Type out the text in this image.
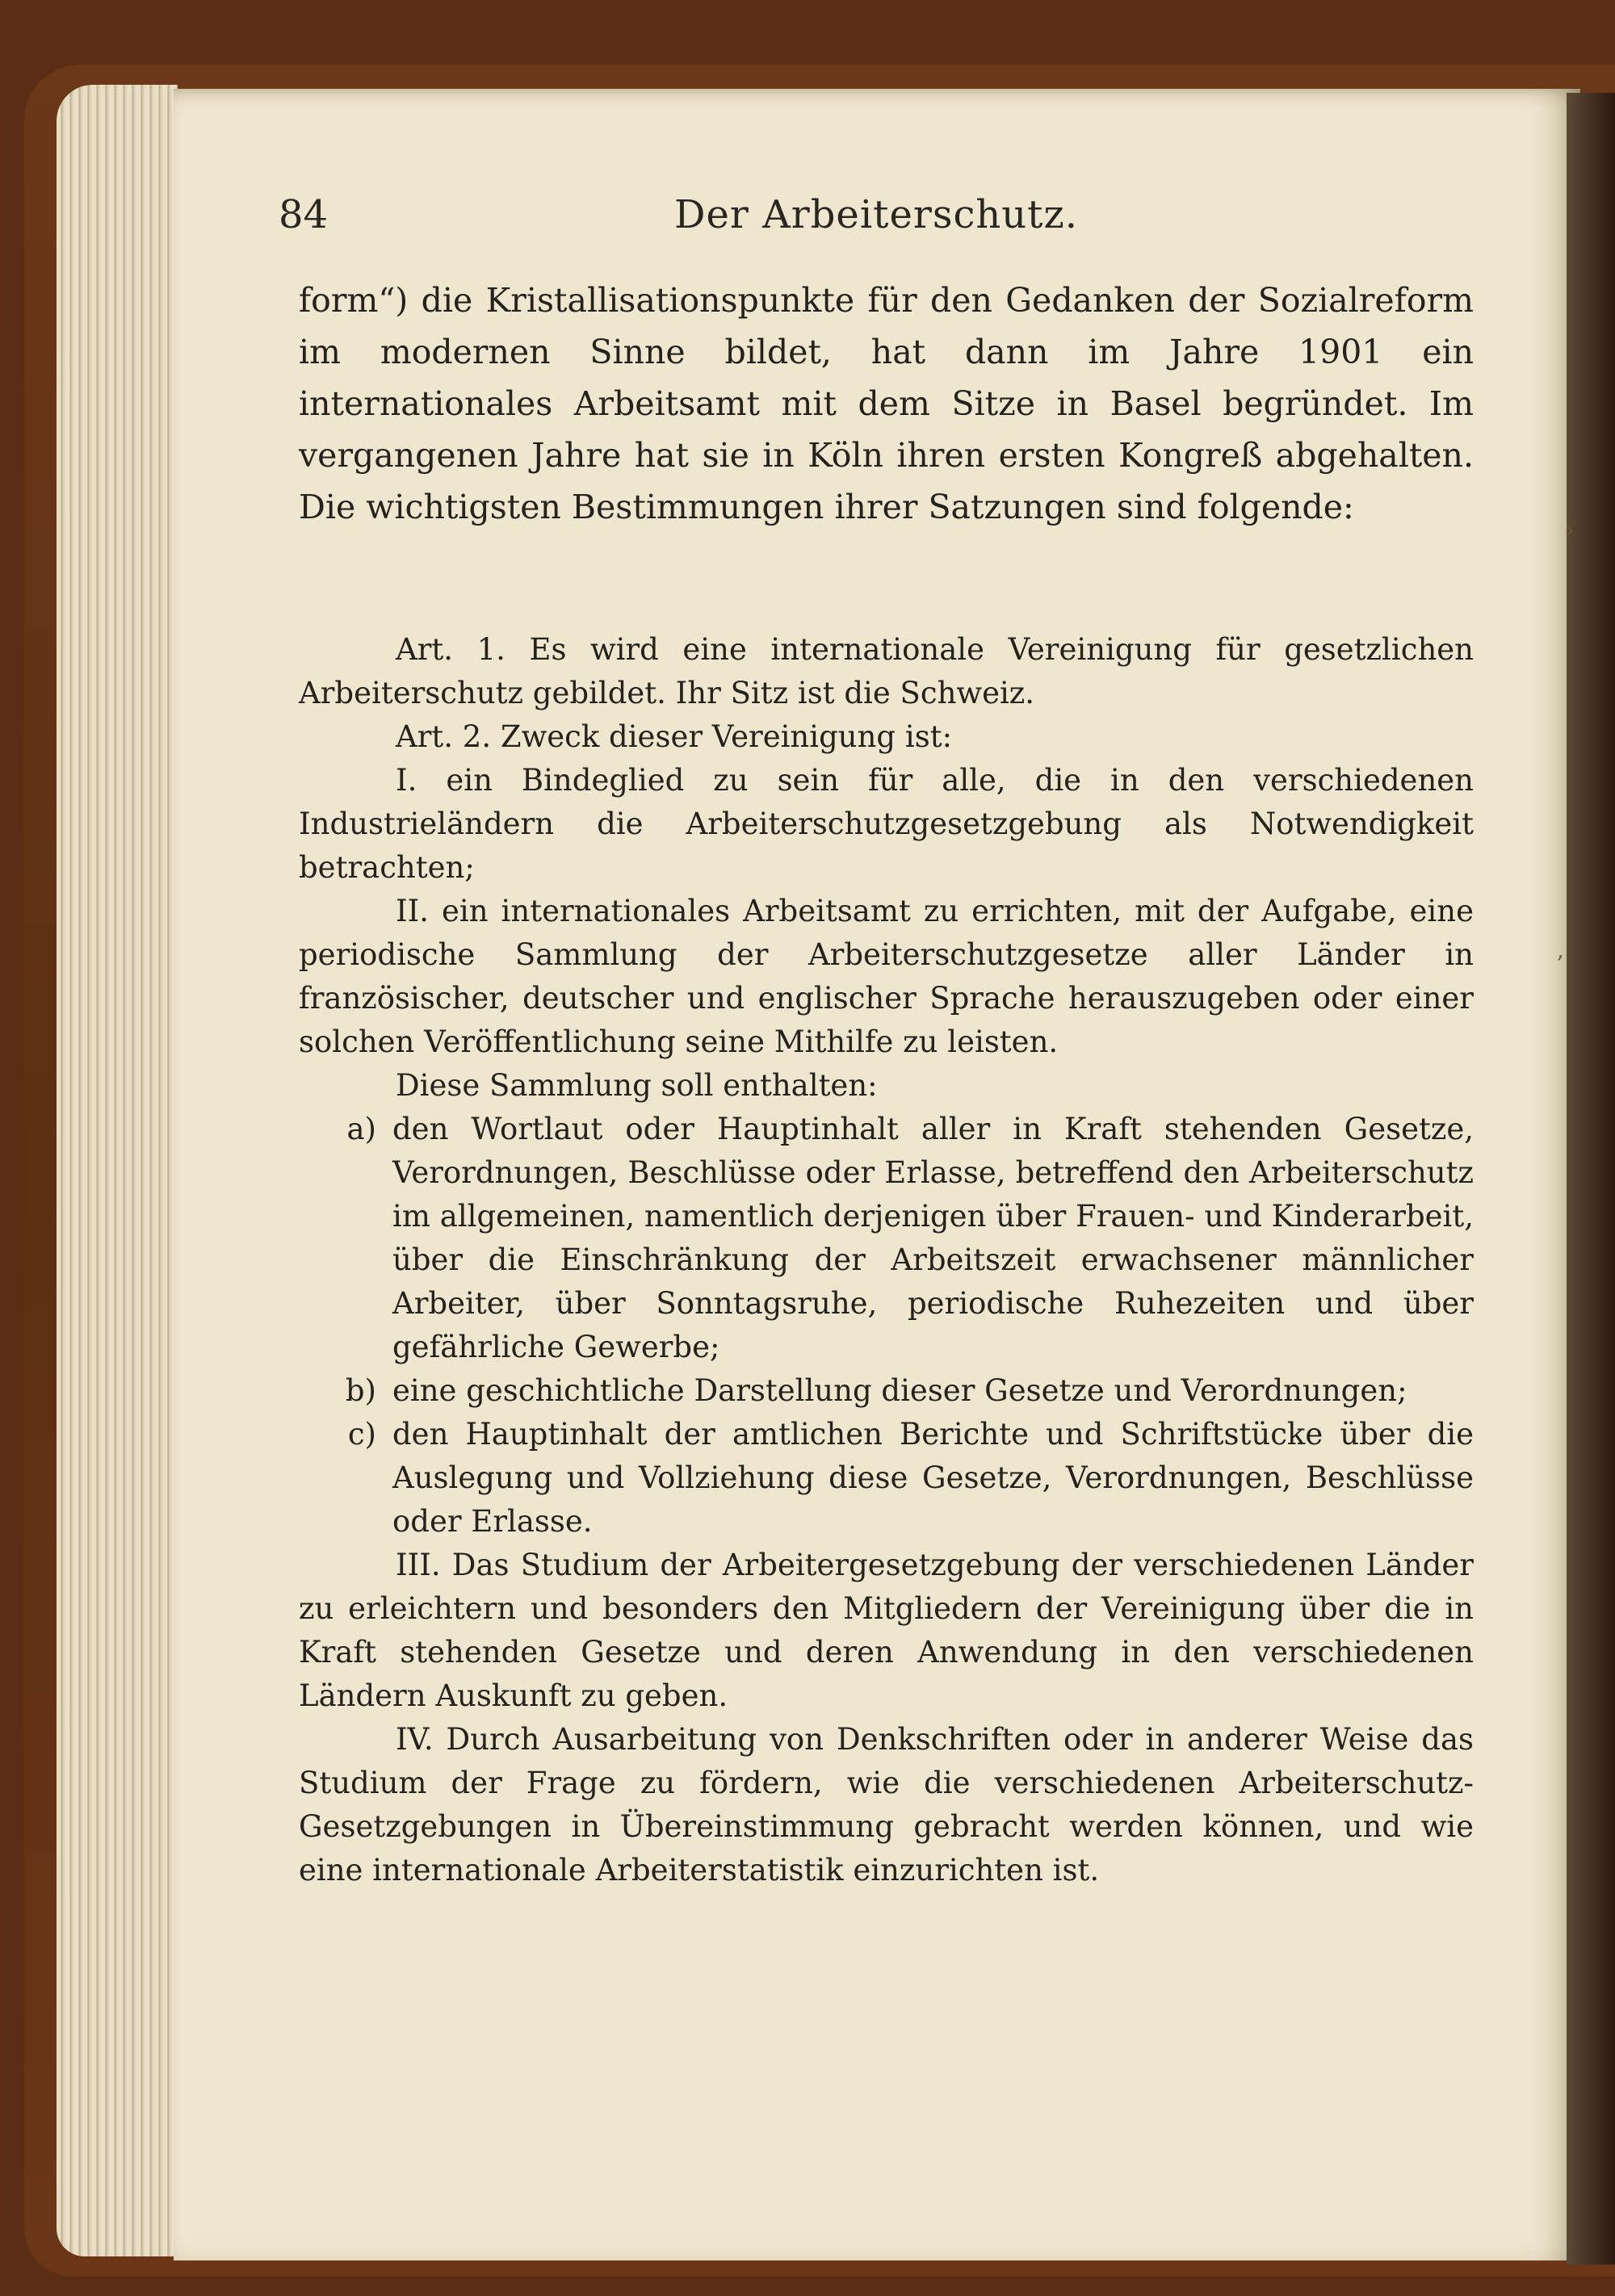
84	Der Arbeiterschutz.

form“) die Kristallisationspunkte für den Gedanken der Sozialreform im modernen Sinne bildet, hat dann im Jahre 1901 ein internationales Arbeitsamt mit dem Sitze in Basel begründet. Im vergangenen Jahre hat sie in Köln ihren ersten Kongreß abgehalten. Die wichtigsten Bestimmungen ihrer Satzungen sind folgende:

Art. 1. Es wird eine internationale Vereinigung für gesetzlichen Arbeiterschutz gebildet. Ihr Sitz ist die Schweiz.

Art. 2. Zweck dieser Vereinigung ist:

I. ein Bindeglied zu sein für alle, die in den verschiedenen Industrieländern die Arbeiterschutzgesetzgebung als Notwendigkeit betrachten;

II. ein internationales Arbeitsamt zu errichten, mit der Aufgabe, eine periodische Sammlung der Arbeiterschutzgesetze aller Länder in französischer, deutscher und englischer Sprache herauszugeben oder einer solchen Veröffentlichung seine Mithilfe zu leisten.

Diese Sammlung soll enthalten:

a) den Wortlaut oder Hauptinhalt aller in Kraft stehenden Gesetze, Verordnungen, Beschlüsse oder Erlasse, betreffend den Arbeiterschutz im allgemeinen, namentlich derjenigen über Frauen- und Kinderarbeit, über die Einschränkung der Arbeitszeit erwachsener männlicher Arbeiter, über Sonntagsruhe, periodische Ruhezeiten und über gefährliche Gewerbe;
b) eine geschichtliche Darstellung dieser Gesetze und Verordnungen;
c) den Hauptinhalt der amtlichen Berichte und Schriftstücke über die Auslegung und Vollziehung diese Gesetze, Verordnungen, Beschlüsse oder Erlasse.

III. Das Studium der Arbeitergesetzgebung der verschiedenen Länder zu erleichtern und besonders den Mitgliedern der Vereinigung über die in Kraft stehenden Gesetze und deren Anwendung in den verschiedenen Ländern Auskunft zu geben.

IV. Durch Ausarbeitung von Denkschriften oder in anderer Weise das Studium der Frage zu fördern, wie die verschiedenen Arbeiterschutz-Gesetzgebungen in Übereinstimmung gebracht werden können, und wie eine internationale Arbeiterstatistik einzurichten ist.

›
,
